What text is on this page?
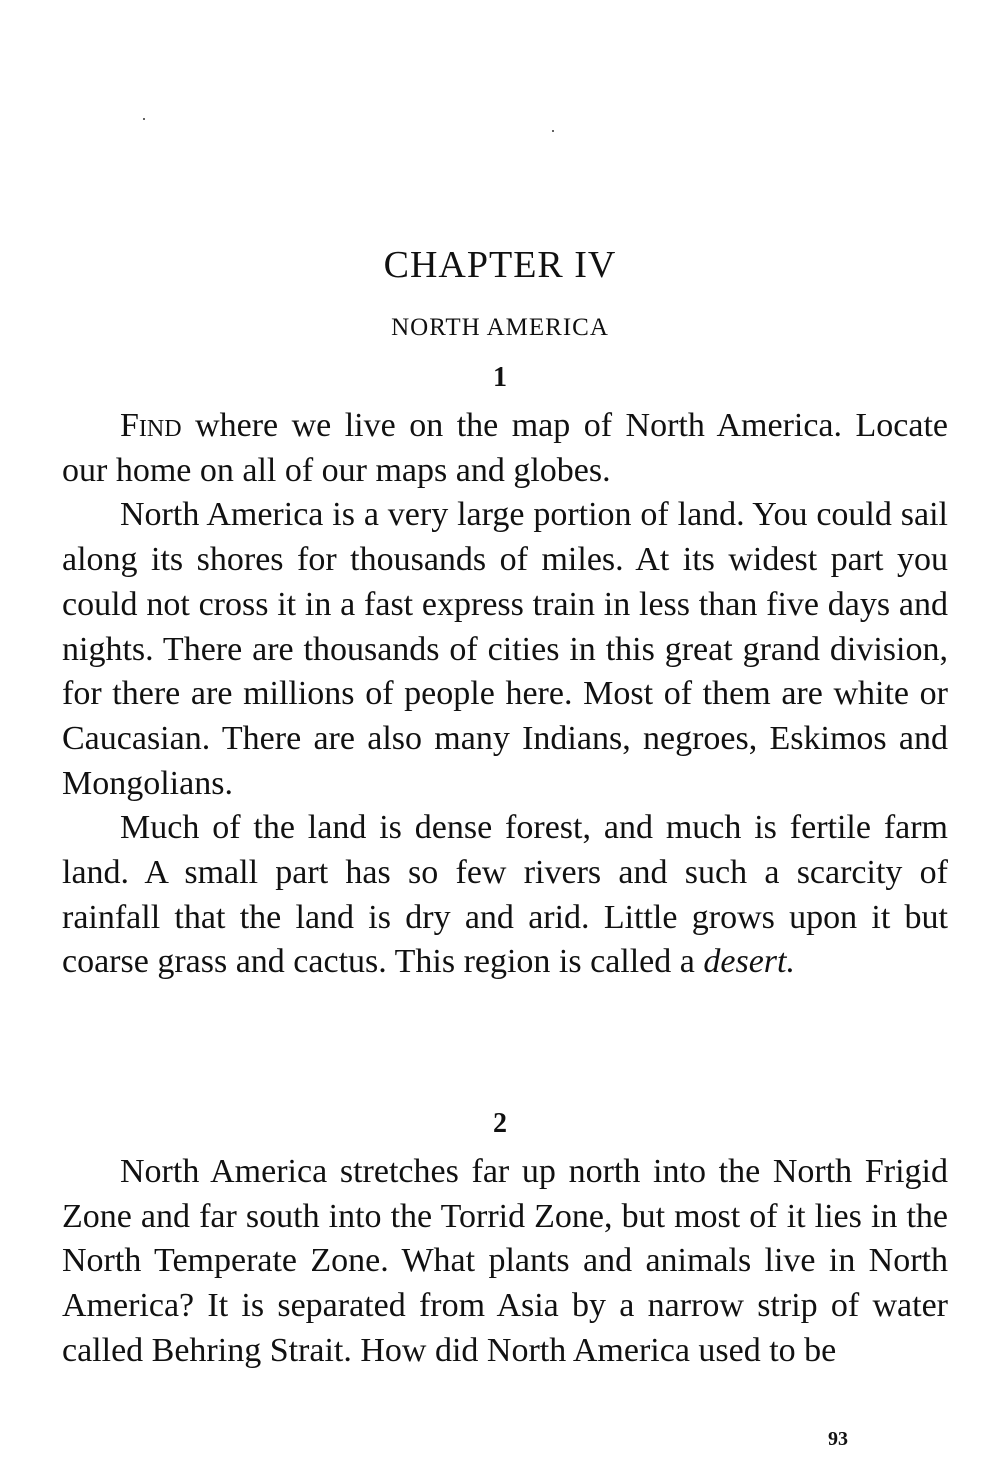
CHAPTER IV
NORTH AMERICA
1

Find where we live on the map of North America. Locate our home on all of our maps and globes.

North America is a very large portion of land. You could sail along its shores for thousands of miles. At its widest part you could not cross it in a fast express train in less than five days and nights. There are thousands of cities in this great grand division, for there are millions of people here. Most of them are white or Caucasian. There are also many Indians, negroes, Eskimos and Mongolians.

Much of the land is dense forest, and much is fertile farm land. A small part has so few rivers and such a scarcity of rainfall that the land is dry and arid. Little grows upon it but coarse grass and cactus. This region is called a desert.

2

North America stretches far up north into the North Frigid Zone and far south into the Torrid Zone, but most of it lies in the North Temperate Zone. What plants and animals live in North America? It is separated from Asia by a narrow strip of water called Behring Strait. How did North America used to be

93
